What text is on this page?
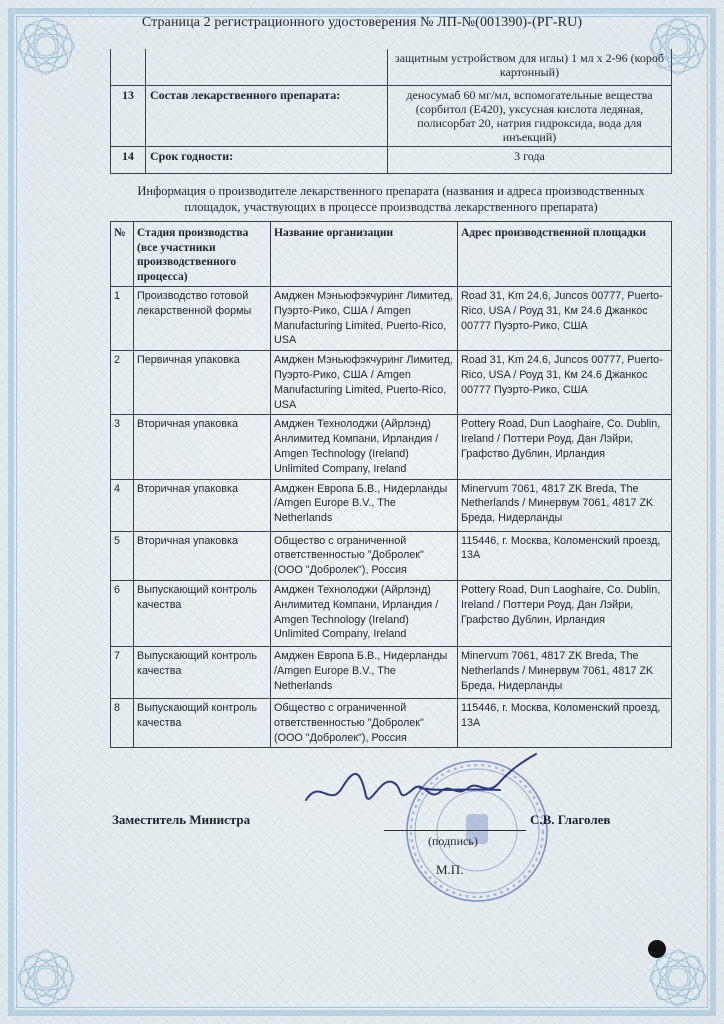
Страница 2 регистрационного удостоверения № ЛП-№(001390)-(РГ-RU)
		защитным устройством для иглы) 1 мл х 2-96 (короб картонный)
13	Состав лекарственного препарата:	деносумаб 60 мг/мл, вспомогательные вещества (сорбитол (Е420), уксусная кислота ледяная, полисорбат 20, натрия гидроксида, вода для инъекций)
14	Срок годности:	3 года
Информация о производителе лекарственного препарата (названия и адреса производственных площадок, участвующих в процессе производства лекарственного препарата)
№	Стадия производства (все участники производственного процесса)	Название организации	Адрес производственной площадки
1	Производство готовой лекарственной формы	Амджен Мэньюфэкчуринг Лимитед, Пуэрто-Рико, США / Amgen Manufacturing Limited, Puerto-Rico, USA	Road 31, Km 24.6, Juncos 00777, Puerto-Rico, USA / Роуд 31, Км 24.6 Джанкос 00777 Пуэрто-Рико, США
2	Первичная упаковка	Амджен Мэньюфэкчуринг Лимитед, Пуэрто-Рико, США / Amgen Manufacturing Limited, Puerto-Rico, USA	Road 31, Km 24.6, Juncos 00777, Puerto-Rico, USA / Роуд 31, Км 24.6 Джанкос 00777 Пуэрто-Рико, США
3	Вторичная упаковка	Амджен Технолоджи (Айрлэнд) Анлимитед Компани, Ирландия / Amgen Technology (Ireland) Unlimited Company, Ireland	Pottery Road, Dun Laoghaire, Co. Dublin, Ireland / Поттери Роуд, Дан Лэйри, Графство Дублин, Ирландия
4	Вторичная упаковка	Амджен Европа Б.В., Нидерланды /Amgen Europe B.V., The Netherlands	Minervum 7061, 4817 ZK Breda, The Netherlands / Минервум 7061, 4817 ZK Бреда, Нидерланды
5	Вторичная упаковка	Общество с ограниченной ответственностью "Добролек" (ООО "Добролек"), Россия	115446, г. Москва, Коломенский проезд, 13А
6	Выпускающий контроль качества	Амджен Технолоджи (Айрлэнд) Анлимитед Компани, Ирландия / Amgen Technology (Ireland) Unlimited Company, Ireland	Pottery Road, Dun Laoghaire, Co. Dublin, Ireland / Поттери Роуд, Дан Лэйри, Графство Дублин, Ирландия
7	Выпускающий контроль качества	Амджен Европа Б.В., Нидерланды /Amgen Europe B.V., The Netherlands	Minervum 7061, 4817 ZK Breda, The Netherlands / Минервум 7061, 4817 ZK Бреда, Нидерланды
8	Выпускающий контроль качества	Общество с ограниченной ответственностью "Добролек" (ООО "Добролек"), Россия	115446, г. Москва, Коломенский проезд, 13А
Заместитель Министра	С.В. Глаголев
(подпись)
М.П.
